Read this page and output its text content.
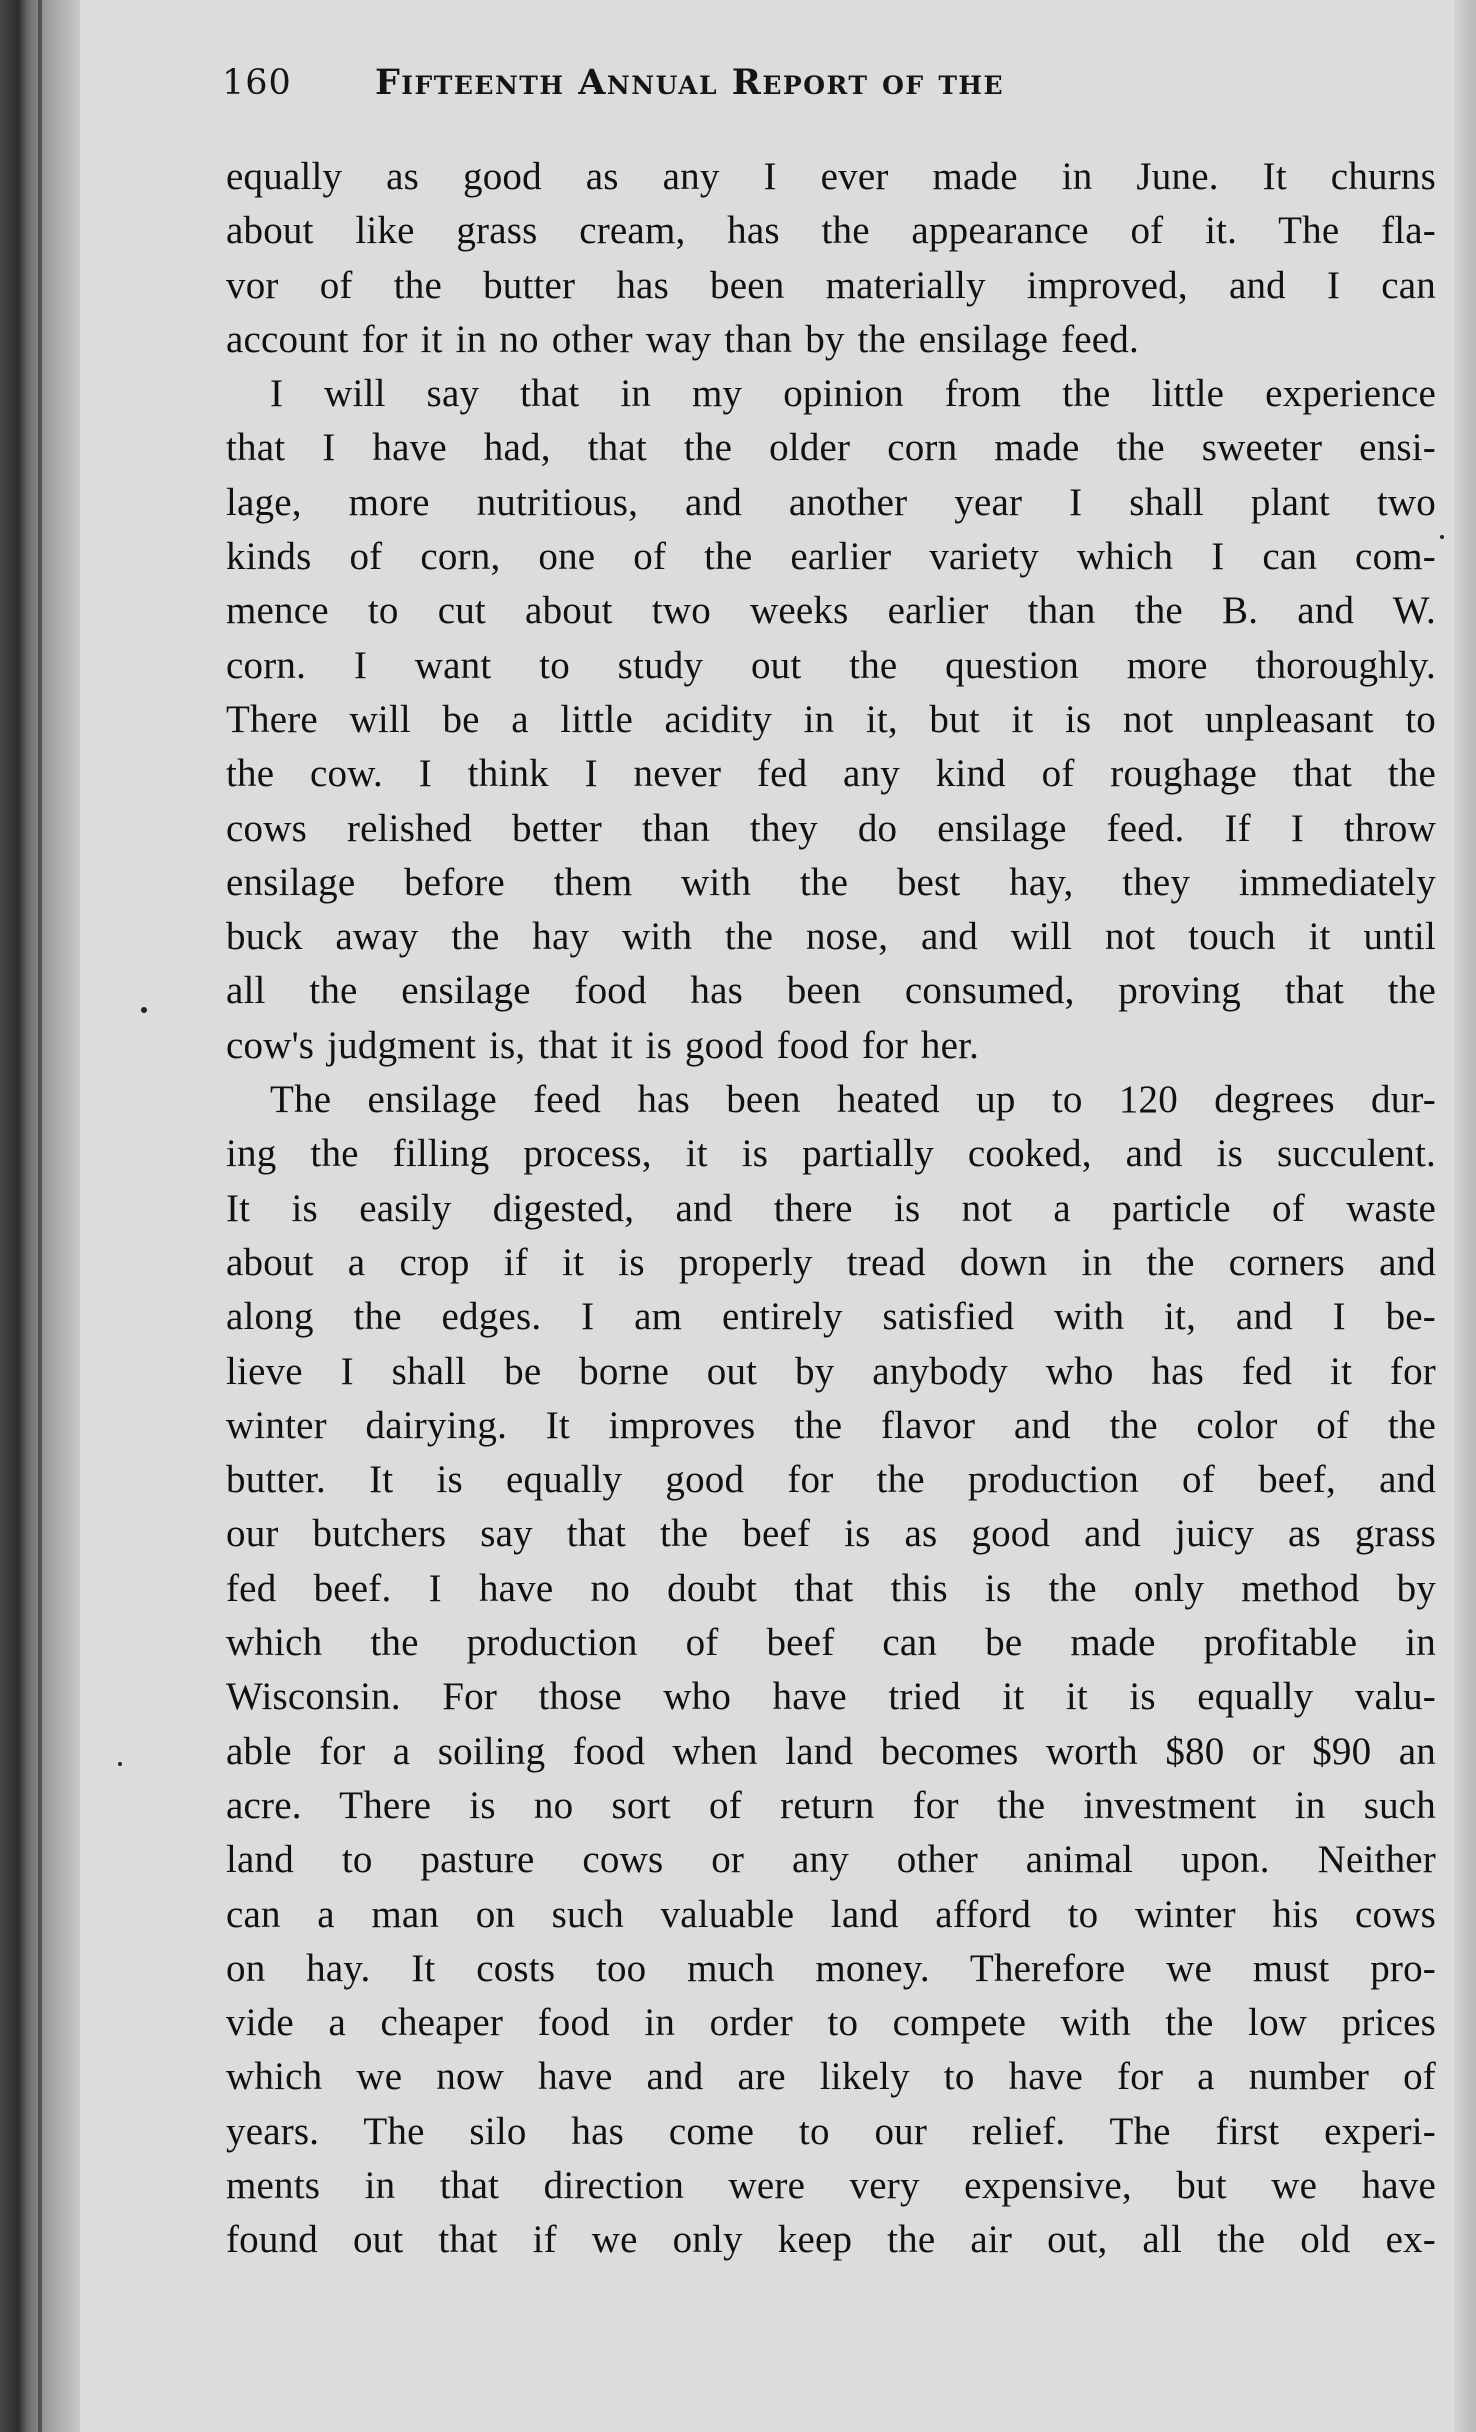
160 Fifteenth Annual Report of the
equally as good as any I ever made in June. It churns
about like grass cream, has the appearance of it. The fla-
vor of the butter has been materially improved, and I can
account for it in no other way than by the ensilage feed.
I will say that in my opinion from the little experience
that I have had, that the older corn made the sweeter ensi-
lage, more nutritious, and another year I shall plant two
kinds of corn, one of the earlier variety which I can com-
mence to cut about two weeks earlier than the B. and W.
corn. I want to study out the question more thoroughly.
There will be a little acidity in it, but it is not unpleasant to
the cow. I think I never fed any kind of roughage that the
cows relished better than they do ensilage feed. If I throw
ensilage before them with the best hay, they immediately
buck away the hay with the nose, and will not touch it until
all the ensilage food has been consumed, proving that the
cow's judgment is, that it is good food for her.
The ensilage feed has been heated up to 120 degrees dur-
ing the filling process, it is partially cooked, and is succulent.
It is easily digested, and there is not a particle of waste
about a crop if it is properly tread down in the corners and
along the edges. I am entirely satisfied with it, and I be-
lieve I shall be borne out by anybody who has fed it for
winter dairying. It improves the flavor and the color of the
butter. It is equally good for the production of beef, and
our butchers say that the beef is as good and juicy as grass
fed beef. I have no doubt that this is the only method by
which the production of beef can be made profitable in
Wisconsin. For those who have tried it it is equally valu-
able for a soiling food when land becomes worth $80 or $90 an
acre. There is no sort of return for the investment in such
land to pasture cows or any other animal upon. Neither
can a man on such valuable land afford to winter his cows
on hay. It costs too much money. Therefore we must pro-
vide a cheaper food in order to compete with the low prices
which we now have and are likely to have for a number of
years. The silo has come to our relief. The first experi-
ments in that direction were very expensive, but we have
found out that if we only keep the air out, all the old ex-
